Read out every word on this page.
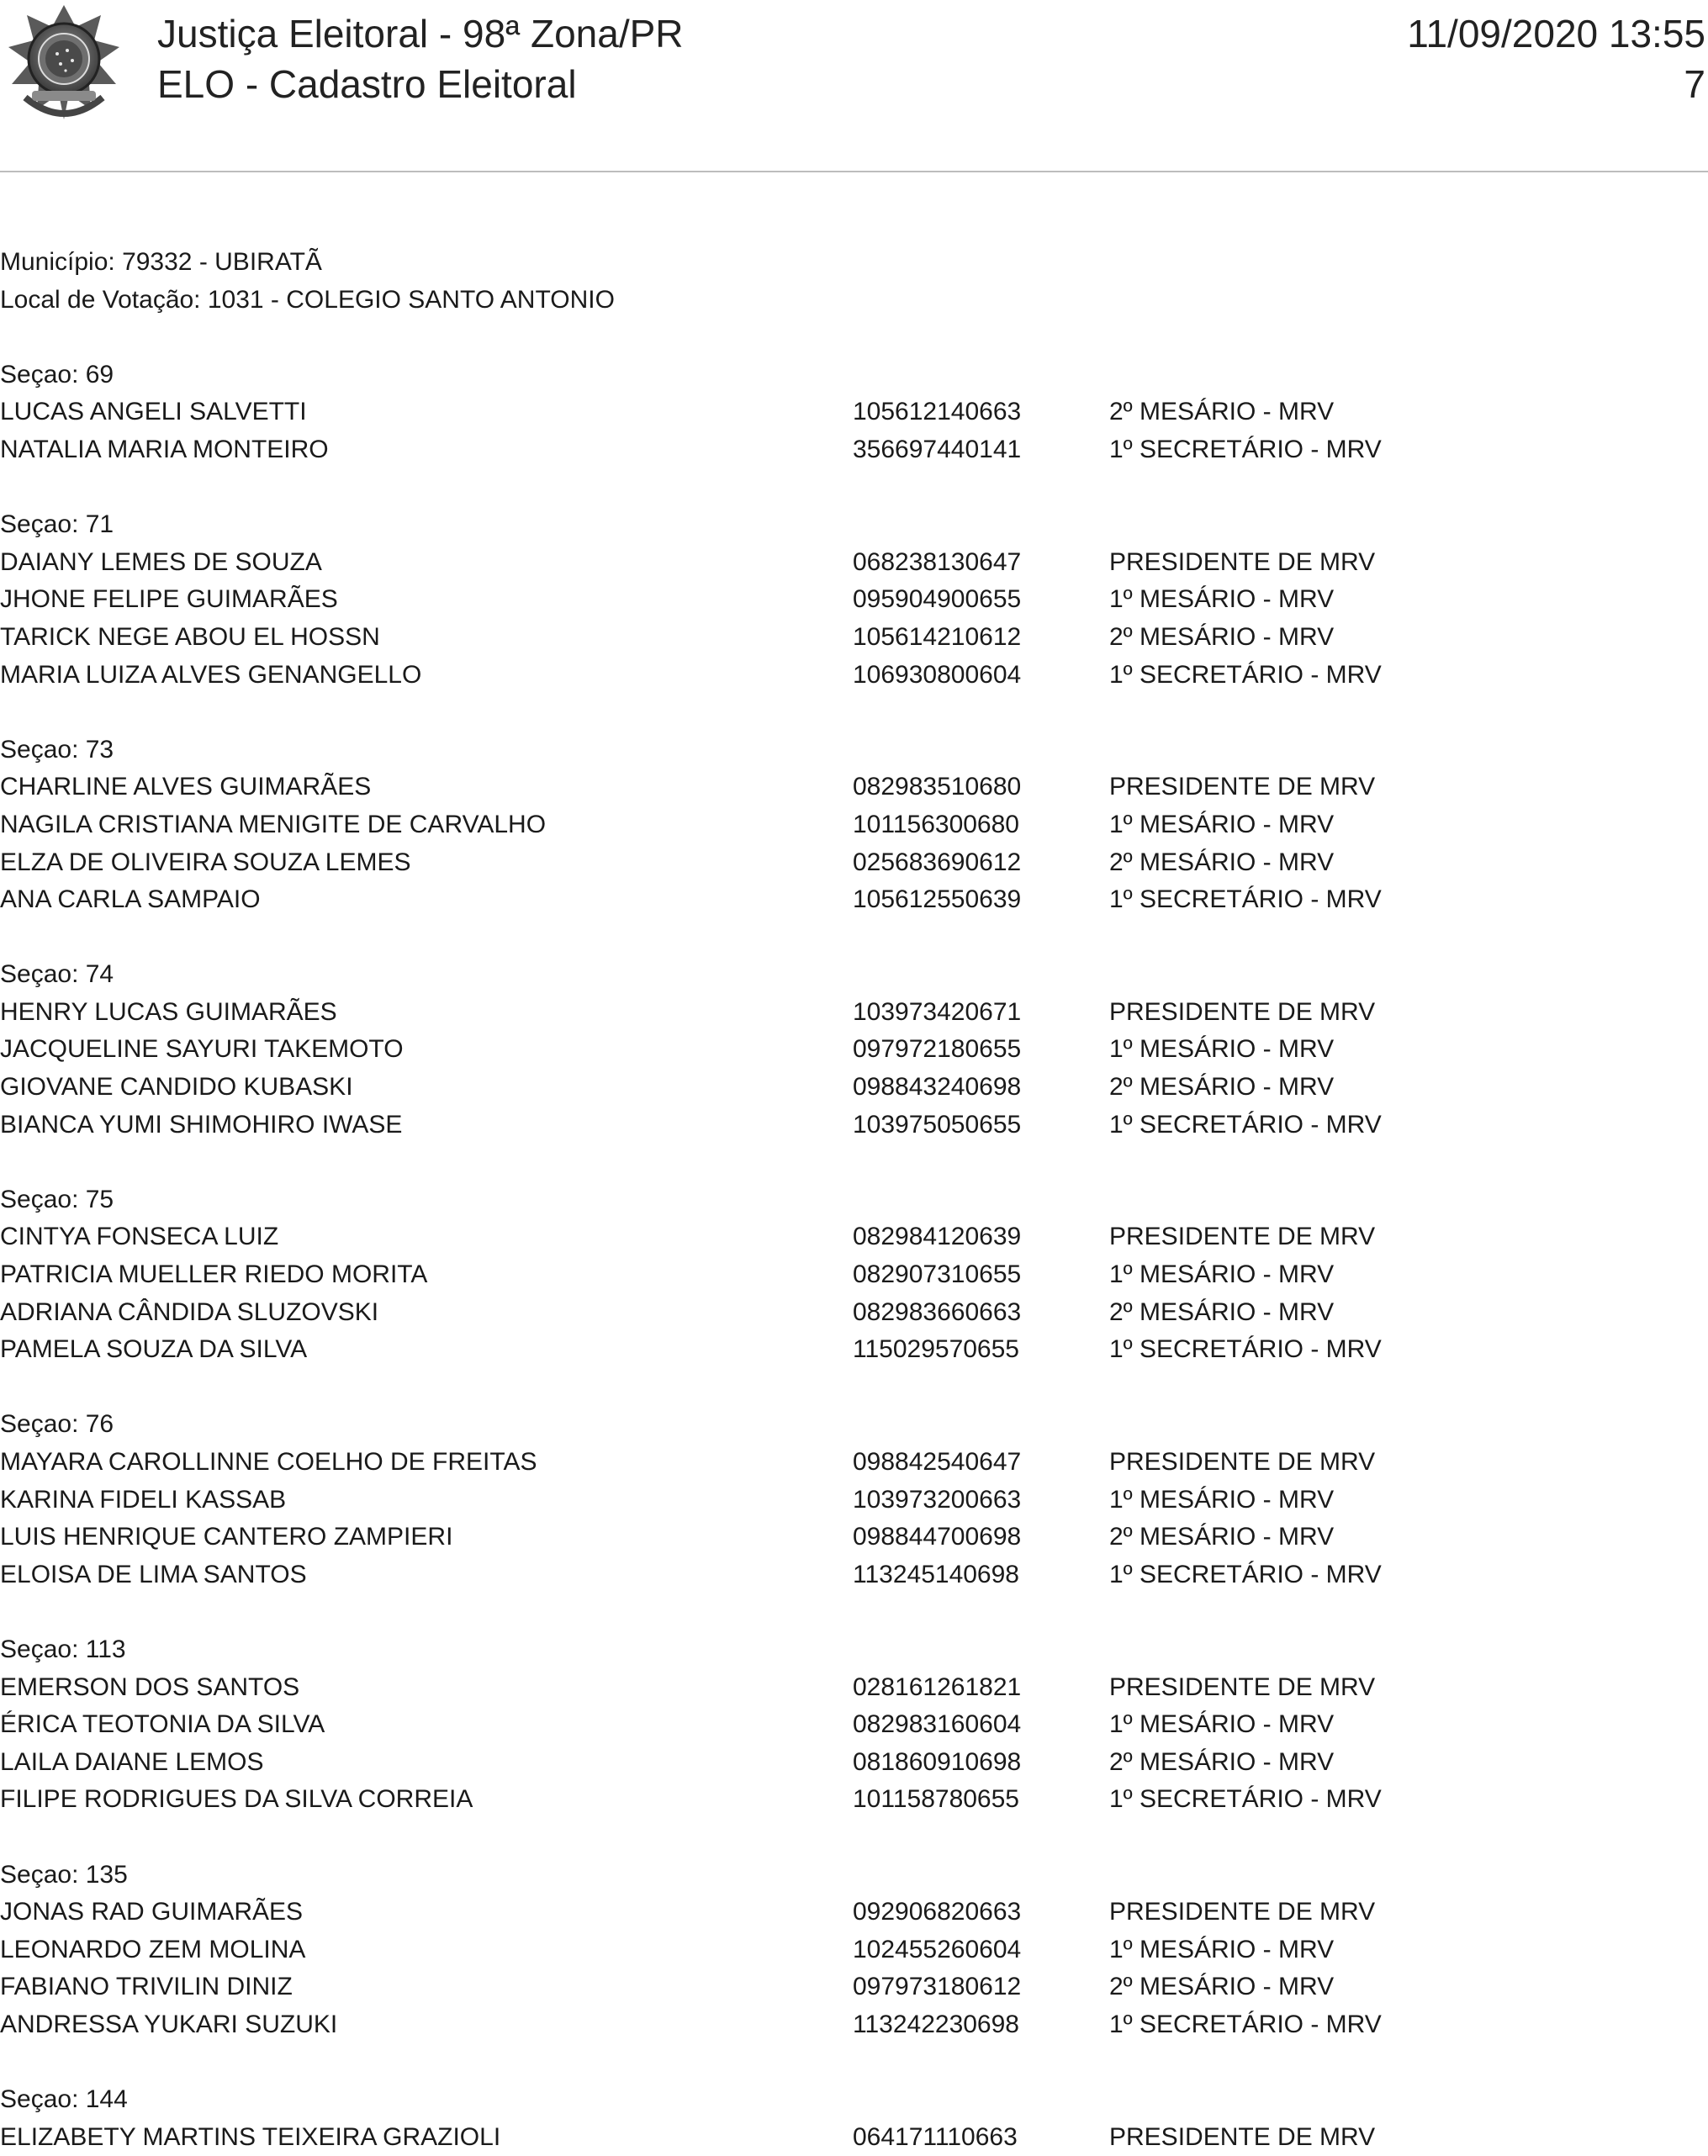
Justiça Eleitoral - 98ª Zona/PR
ELO - Cadastro Eleitoral
11/09/2020 13:55
7
Município: 79332 - UBIRATÃ
Local de Votação: 1031 - COLEGIO SANTO ANTONIO
Seçao: 69
LUCAS ANGELI SALVETTI	105612140663	2º MESÁRIO - MRV
NATALIA MARIA MONTEIRO	356697440141	1º SECRETÁRIO - MRV
Seçao: 71
DAIANY LEMES DE SOUZA	068238130647	PRESIDENTE DE MRV
JHONE FELIPE GUIMARÃES	095904900655	1º MESÁRIO - MRV
TARICK NEGE ABOU EL HOSSN	105614210612	2º MESÁRIO - MRV
MARIA LUIZA ALVES GENANGELLO	106930800604	1º SECRETÁRIO - MRV
Seçao: 73
CHARLINE ALVES GUIMARÃES	082983510680	PRESIDENTE DE MRV
NAGILA CRISTIANA MENIGITE DE CARVALHO	101156300680	1º MESÁRIO - MRV
ELZA DE OLIVEIRA SOUZA LEMES	025683690612	2º MESÁRIO - MRV
ANA CARLA SAMPAIO	105612550639	1º SECRETÁRIO - MRV
Seçao: 74
HENRY LUCAS GUIMARÃES	103973420671	PRESIDENTE DE MRV
JACQUELINE SAYURI TAKEMOTO	097972180655	1º MESÁRIO - MRV
GIOVANE CANDIDO KUBASKI	098843240698	2º MESÁRIO - MRV
BIANCA YUMI SHIMOHIRO IWASE	103975050655	1º SECRETÁRIO - MRV
Seçao: 75
CINTYA FONSECA LUIZ	082984120639	PRESIDENTE DE MRV
PATRICIA MUELLER RIEDO MORITA	082907310655	1º MESÁRIO - MRV
ADRIANA CÂNDIDA SLUZOVSKI	082983660663	2º MESÁRIO - MRV
PAMELA SOUZA DA SILVA	115029570655	1º SECRETÁRIO - MRV
Seçao: 76
MAYARA CAROLLINNE COELHO DE FREITAS	098842540647	PRESIDENTE DE MRV
KARINA FIDELI KASSAB	103973200663	1º MESÁRIO - MRV
LUIS HENRIQUE CANTERO ZAMPIERI	098844700698	2º MESÁRIO - MRV
ELOISA DE LIMA SANTOS	113245140698	1º SECRETÁRIO - MRV
Seçao: 113
EMERSON DOS SANTOS	028161261821	PRESIDENTE DE MRV
ÉRICA TEOTONIA DA SILVA	082983160604	1º MESÁRIO - MRV
LAILA DAIANE LEMOS	081860910698	2º MESÁRIO - MRV
FILIPE RODRIGUES DA SILVA CORREIA	101158780655	1º SECRETÁRIO - MRV
Seçao: 135
JONAS RAD GUIMARÃES	092906820663	PRESIDENTE DE MRV
LEONARDO ZEM MOLINA	102455260604	1º MESÁRIO - MRV
FABIANO TRIVILIN DINIZ	097973180612	2º MESÁRIO - MRV
ANDRESSA YUKARI SUZUKI	113242230698	1º SECRETÁRIO - MRV
Seçao: 144
ELIZABETY MARTINS TEIXEIRA GRAZIOLI	064171110663	PRESIDENTE DE MRV
